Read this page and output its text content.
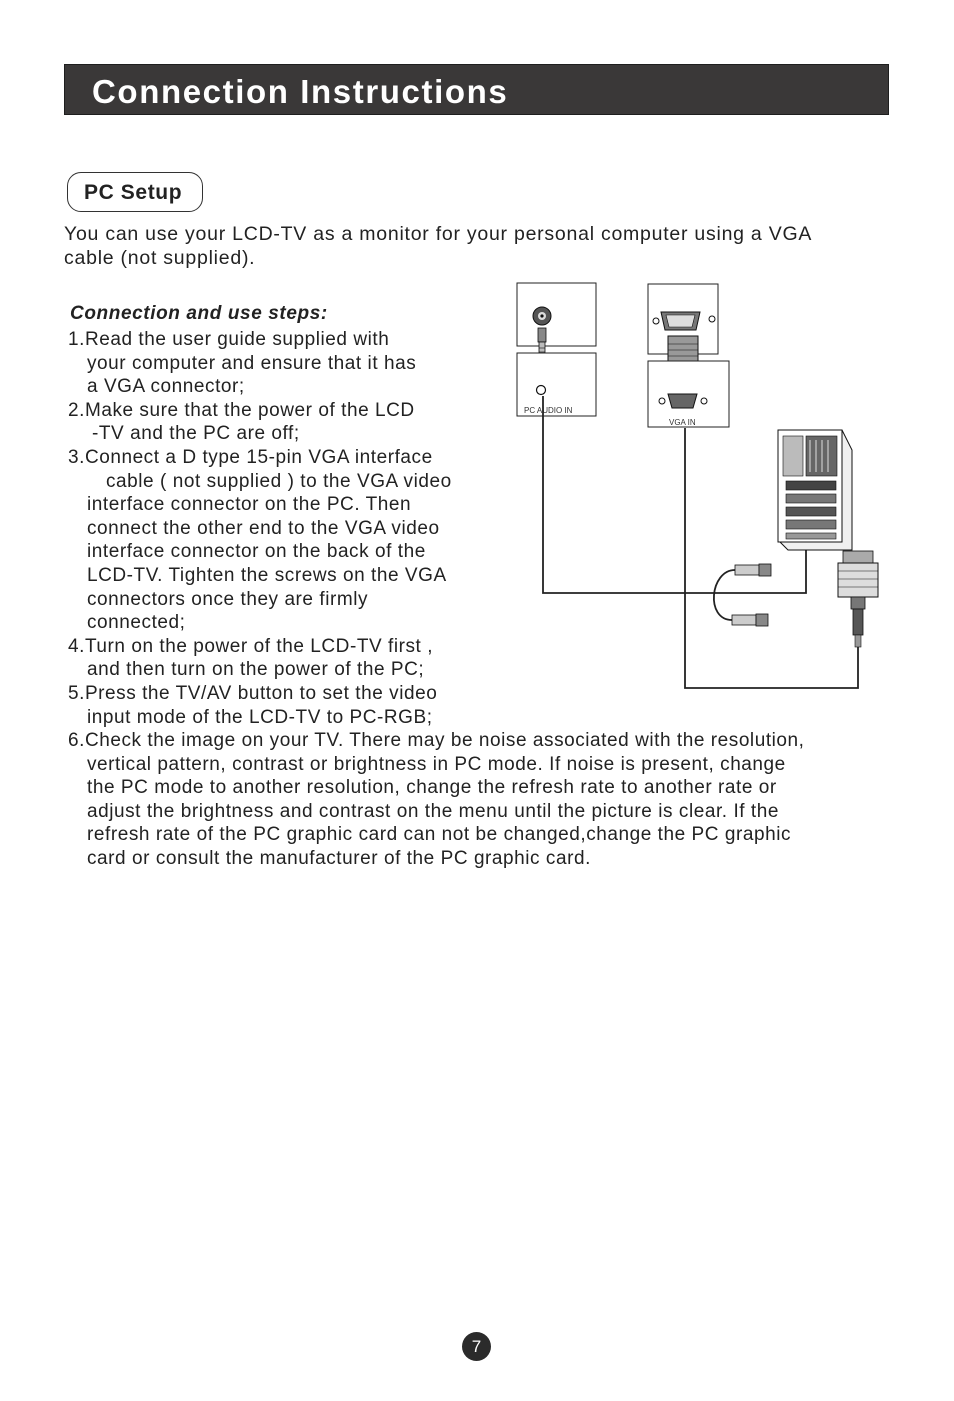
Connection Instructions
PC Setup

You can use your LCD-TV as a monitor for your personal computer using a VGA
cable (not supplied).

Connection and use steps:

1.Read the user guide supplied with
your computer and ensure that it has
a VGA connector;
2.Make sure that the power of the LCD
-TV and the PC are off;
3.Connect a D type 15-pin VGA interface
cable ( not supplied ) to the VGA video
interface connector on the PC. Then
connect the other end to the VGA video
interface connector on the back of the
LCD-TV. Tighten the screws on the VGA
connectors once they are firmly
connected;
4.Turn on the power of the LCD-TV first ,
and then turn on the power of the PC;
5.Press the TV/AV button to set the video
input mode of the LCD-TV to PC-RGB;
6.Check the image on your TV. There may be noise associated with the resolution,
vertical pattern, contrast or brightness in PC mode. If noise is present, change
the PC mode to another resolution, change the refresh rate to another rate or
adjust the brightness and contrast on the menu until the picture is clear. If the
refresh rate of the PC graphic card can not be changed,change the PC graphic
card or consult the manufacturer of the PC graphic card.
PC AUDIO IN
VGA IN
7
